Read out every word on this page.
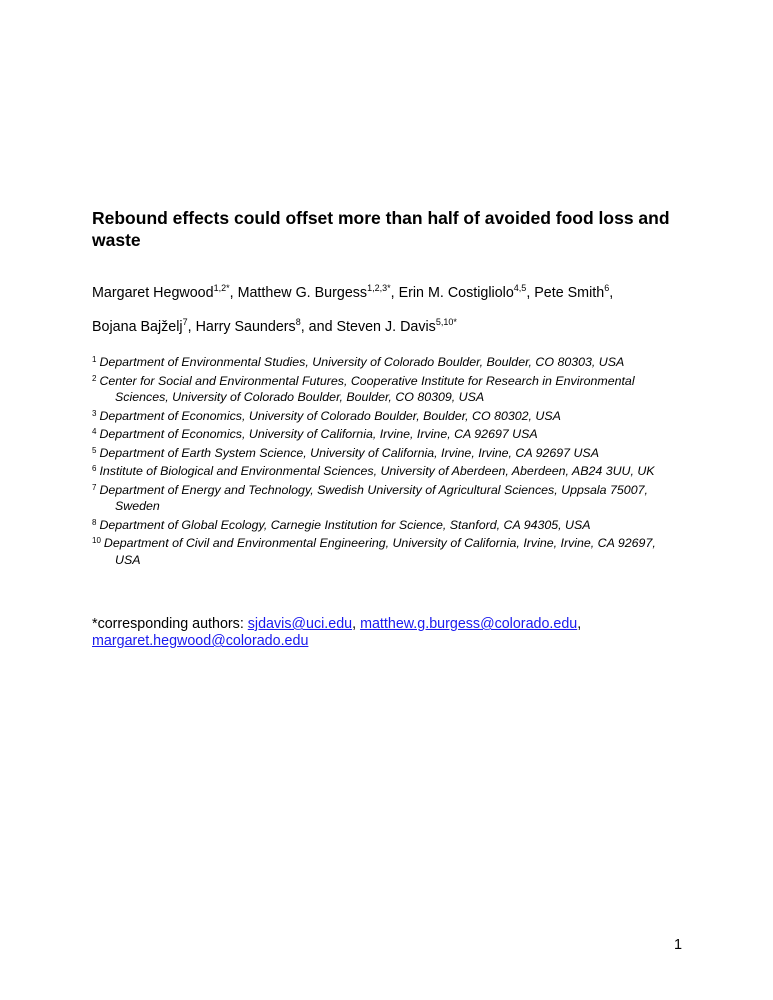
Rebound effects could offset more than half of avoided food loss and waste
Margaret Hegwood$^{1,2*}$, Matthew G. Burgess$^{1,2,3*}$, Erin M. Costigliolo$^{4,5}$, Pete Smith$^6$,
Bojana Bajželj$^7$, Harry Saunders$^8$, and Steven J. Davis$^{5,10*}$
$^1$ Department of Environmental Studies, University of Colorado Boulder, Boulder, CO 80303, USA
$^2$ Center for Social and Environmental Futures, Cooperative Institute for Research in Environmental
Sciences, University of Colorado Boulder, Boulder, CO 80309, USA
$^3$ Department of Economics, University of Colorado Boulder, Boulder, CO 80302, USA
$^4$ Department of Economics, University of California, Irvine, Irvine, CA 92697 USA
$^5$ Department of Earth System Science, University of California, Irvine, Irvine, CA 92697 USA
$^6$ Institute of Biological and Environmental Sciences, University of Aberdeen, Aberdeen, AB24 3UU, UK
$^7$ Department of Energy and Technology, Swedish University of Agricultural Sciences, Uppsala 75007,
Sweden
$^8$ Department of Global Ecology, Carnegie Institution for Science, Stanford, CA 94305, USA
$^{10}$ Department of Civil and Environmental Engineering, University of California, Irvine, Irvine, CA 92697,
USA
*corresponding authors: sjdavis@uci.edu, matthew.g.burgess@colorado.edu,
margaret.hegwood@colorado.edu
1
